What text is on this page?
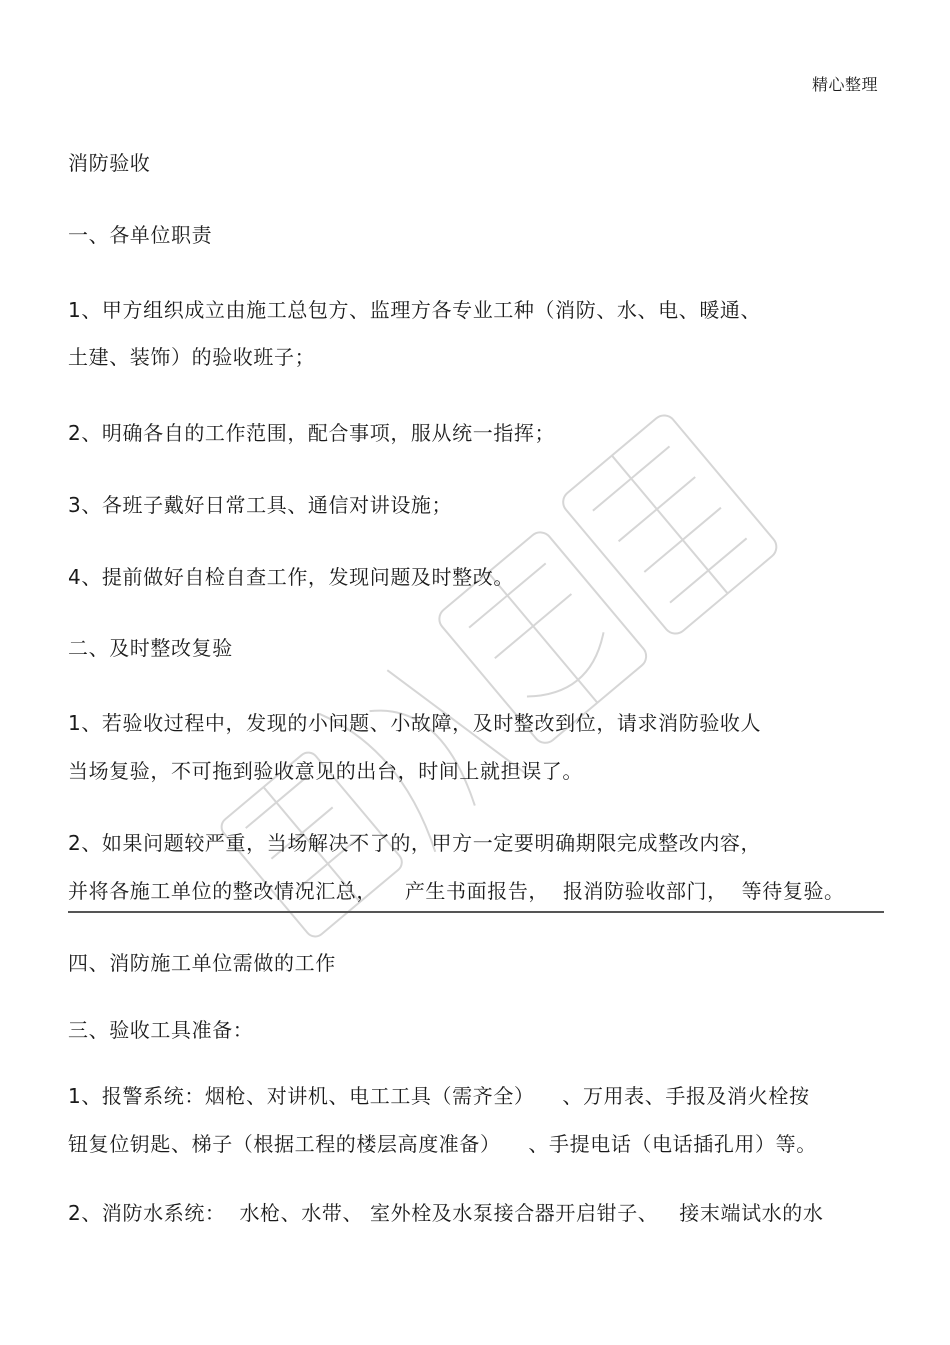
精心整理
消防验收
一、各单位职责
1、甲方组织成立由施工总包方、监理方各专业工种（消防、水、电、暖通、
土建、装饰）的验收班子；
2、明确各自的工作范围，配合事项，服从统一指挥；
3、各班子戴好日常工具、通信对讲设施；
4、提前做好自检自查工作，发现问题及时整改。
二、及时整改复验
1、若验收过程中，发现的小问题、小故障，及时整改到位，请求消防验收人
当场复验，不可拖到验收意见的出台，时间上就担误了。
2、如果问题较严重，当场解决不了的，甲方一定要明确期限完成整改内容，
并将各施工单位的整改情况汇总，    产生书面报告，  报消防验收部门，  等待复验。
四、消防施工单位需做的工作
三、验收工具准备：
1、报警系统：烟枪、对讲机、电工工具（需齐全）    、万用表、手报及消火栓按
钮复位钥匙、梯子（根据工程的楼层高度准备）    、手提电话（电话插孔用）等。
2、消防水系统：  水枪、水带、 室外栓及水泵接合器开启钳子、   接末端试水的水
